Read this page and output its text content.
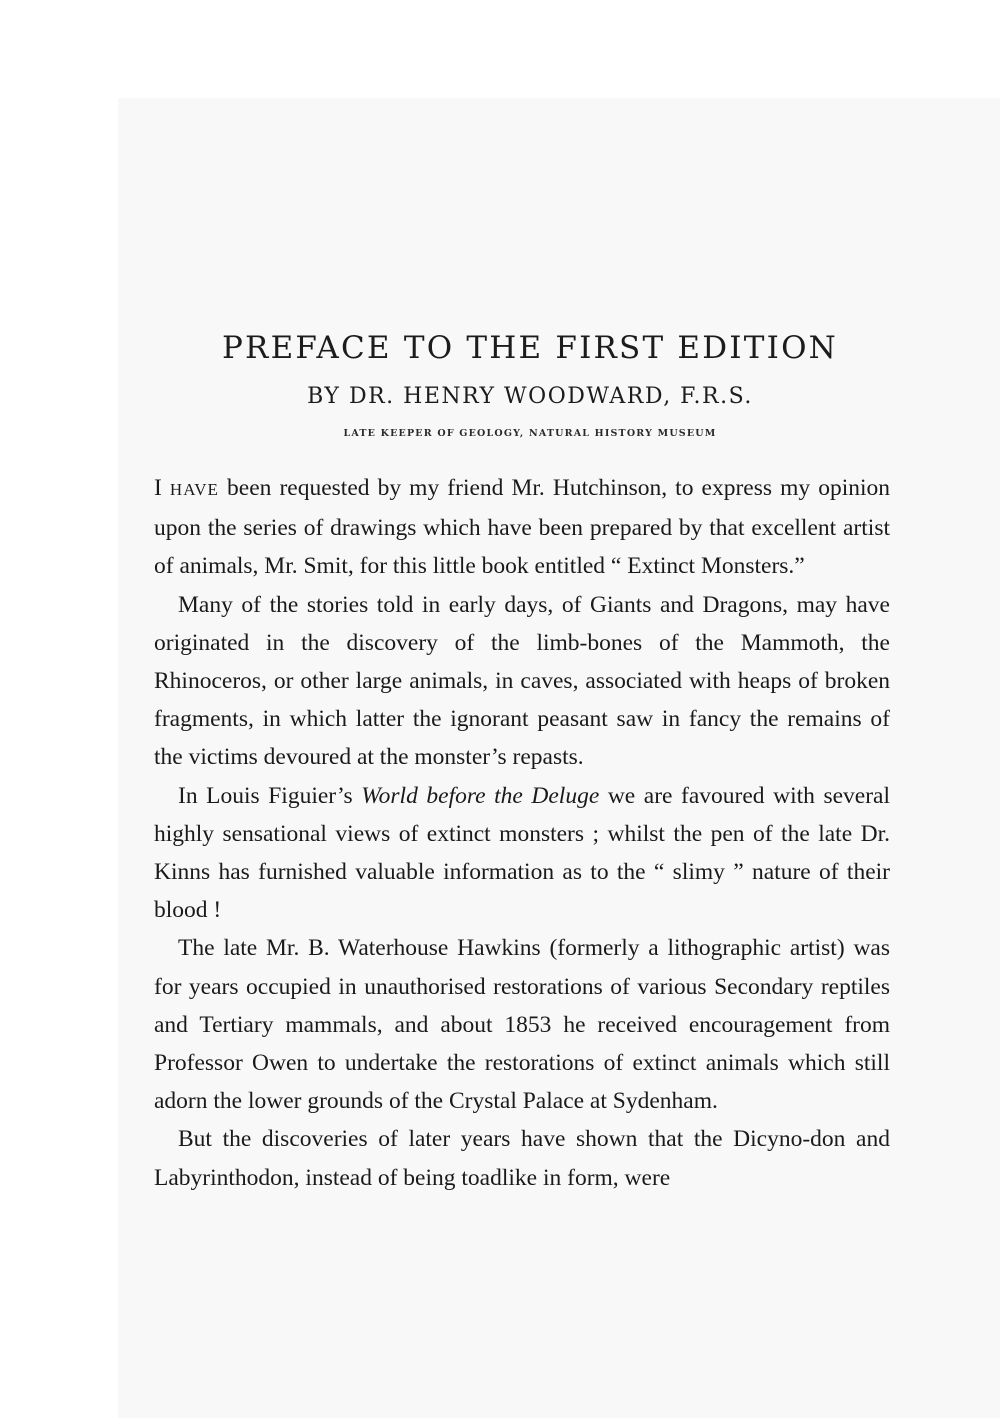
PREFACE TO THE FIRST EDITION
BY DR. HENRY WOODWARD, F.R.S.
LATE KEEPER OF GEOLOGY, NATURAL HISTORY MUSEUM

I HAVE been requested by my friend Mr. Hutchinson, to express my opinion upon the series of drawings which have been prepared by that excellent artist of animals, Mr. Smit, for this little book entitled “ Extinct Monsters.”

Many of the stories told in early days, of Giants and Dragons, may have originated in the discovery of the limb-bones of the Mammoth, the Rhinoceros, or other large animals, in caves, associated with heaps of broken fragments, in which latter the ignorant peasant saw in fancy the remains of the victims devoured at the monster’s repasts.

In Louis Figuier’s World before the Deluge we are favoured with several highly sensational views of extinct monsters ; whilst the pen of the late Dr. Kinns has furnished valuable information as to the “ slimy ” nature of their blood !

The late Mr. B. Waterhouse Hawkins (formerly a lithographic artist) was for years occupied in unauthorised restorations of various Secondary reptiles and Tertiary mammals, and about 1853 he received encouragement from Professor Owen to undertake the restorations of extinct animals which still adorn the lower grounds of the Crystal Palace at Sydenham.

But the discoveries of later years have shown that the Dicyno-don and Labyrinthodon, instead of being toadlike in form, were
